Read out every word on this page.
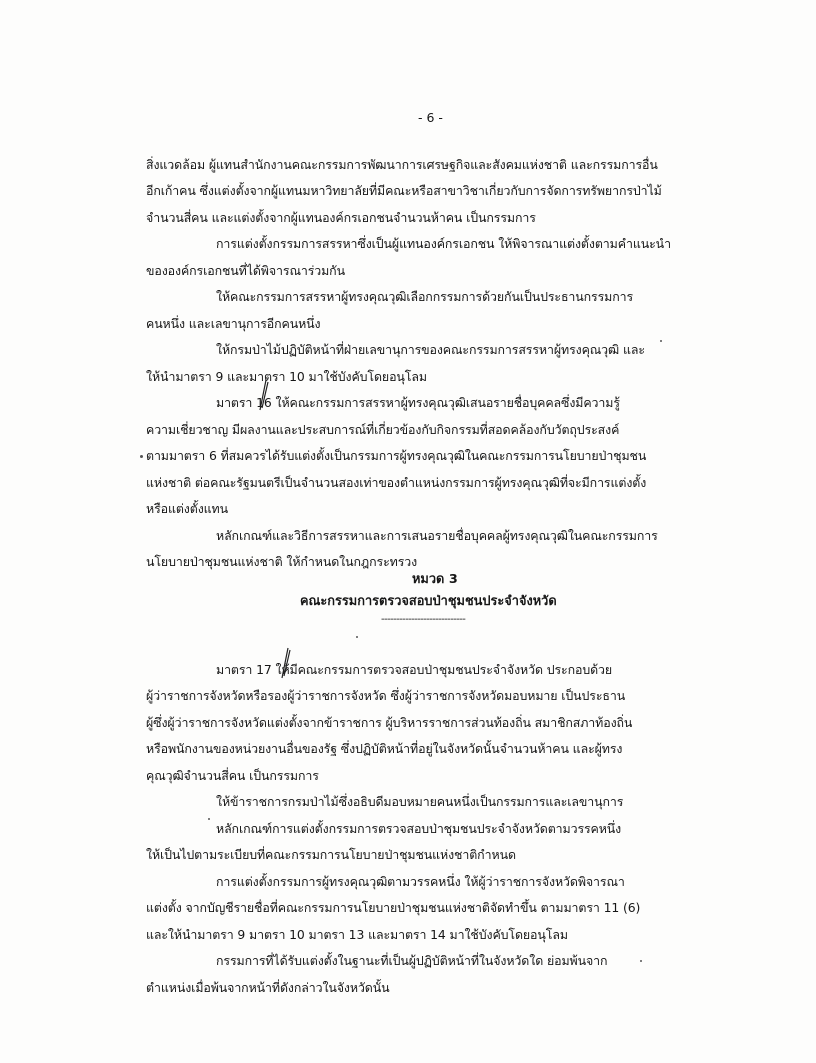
- 6 -
สิ่งแวดล้อม ผู้แทนสำนักงานคณะกรรมการพัฒนาการเศรษฐกิจและสังคมแห่งชาติ และกรรมการอื่น
อีกเก้าคน ซึ่งแต่งตั้งจากผู้แทนมหาวิทยาลัยที่มีคณะหรือสาขาวิชาเกี่ยวกับการจัดการทรัพยากรป่าไม้
จำนวนสี่คน และแต่งตั้งจากผู้แทนองค์กรเอกชนจำนวนห้าคน เป็นกรรมการ
การแต่งตั้งกรรมการสรรหาซึ่งเป็นผู้แทนองค์กรเอกชน ให้พิจารณาแต่งตั้งตามคำแนะนำ
ขององค์กรเอกชนที่ได้พิจารณาร่วมกัน
ให้คณะกรรมการสรรหาผู้ทรงคุณวุฒิเลือกกรรมการด้วยกันเป็นประธานกรรมการ
คนหนึ่ง และเลขานุการอีกคนหนึ่ง
ให้กรมป่าไม้ปฏิบัติหน้าที่ฝ่ายเลขานุการของคณะกรรมการสรรหาผู้ทรงคุณวุฒิ และ
ให้นำมาตรา 9 และมาตรา 10 มาใช้บังคับโดยอนุโลม
มาตรา 16 ให้คณะกรรมการสรรหาผู้ทรงคุณวุฒิเสนอรายชื่อบุคคลซึ่งมีความรู้
ความเชี่ยวชาญ มีผลงานและประสบการณ์ที่เกี่ยวข้องกับกิจกรรมที่สอดคล้องกับวัตถุประสงค์
ตามมาตรา 6 ที่สมควรได้รับแต่งตั้งเป็นกรรมการผู้ทรงคุณวุฒิในคณะกรรมการนโยบายป่าชุมชน
แห่งชาติ ต่อคณะรัฐมนตรีเป็นจำนวนสองเท่าของตำแหน่งกรรมการผู้ทรงคุณวุฒิที่จะมีการแต่งตั้ง
หรือแต่งตั้งแทน
หลักเกณฑ์และวิธีการสรรหาและการเสนอรายชื่อบุคคลผู้ทรงคุณวุฒิในคณะกรรมการ
นโยบายป่าชุมชนแห่งชาติ ให้กำหนดในกฎกระทรวง
หมวด 3
คณะกรรมการตรวจสอบป่าชุมชนประจำจังหวัด
----------------------------
มาตรา 17 ให้มีคณะกรรมการตรวจสอบป่าชุมชนประจำจังหวัด ประกอบด้วย
ผู้ว่าราชการจังหวัดหรือรองผู้ว่าราชการจังหวัด ซึ่งผู้ว่าราชการจังหวัดมอบหมาย เป็นประธาน
ผู้ซึ่งผู้ว่าราชการจังหวัดแต่งตั้งจากข้าราชการ ผู้บริหารราชการส่วนท้องถิ่น สมาชิกสภาท้องถิ่น
หรือพนักงานของหน่วยงานอื่นของรัฐ ซึ่งปฏิบัติหน้าที่อยู่ในจังหวัดนั้นจำนวนห้าคน และผู้ทรง
คุณวุฒิจำนวนสี่คน เป็นกรรมการ
ให้ข้าราชการกรมป่าไม้ซึ่งอธิบดีมอบหมายคนหนึ่งเป็นกรรมการและเลขานุการ
หลักเกณฑ์การแต่งตั้งกรรมการตรวจสอบป่าชุมชนประจำจังหวัดตามวรรคหนึ่ง
ให้เป็นไปตามระเบียบที่คณะกรรมการนโยบายป่าชุมชนแห่งชาติกำหนด
การแต่งตั้งกรรมการผู้ทรงคุณวุฒิตามวรรคหนึ่ง ให้ผู้ว่าราชการจังหวัดพิจารณา
แต่งตั้ง จากบัญชีรายชื่อที่คณะกรรมการนโยบายป่าชุมชนแห่งชาติจัดทำขึ้น ตามมาตรา 11 (6)
และให้นำมาตรา 9 มาตรา 10 มาตรา 13 และมาตรา 14 มาใช้บังคับโดยอนุโลม
กรรมการที่ได้รับแต่งตั้งในฐานะที่เป็นผู้ปฏิบัติหน้าที่ในจังหวัดใด ย่อมพ้นจาก
ตำแหน่งเมื่อพ้นจากหน้าที่ดังกล่าวในจังหวัดนั้น
